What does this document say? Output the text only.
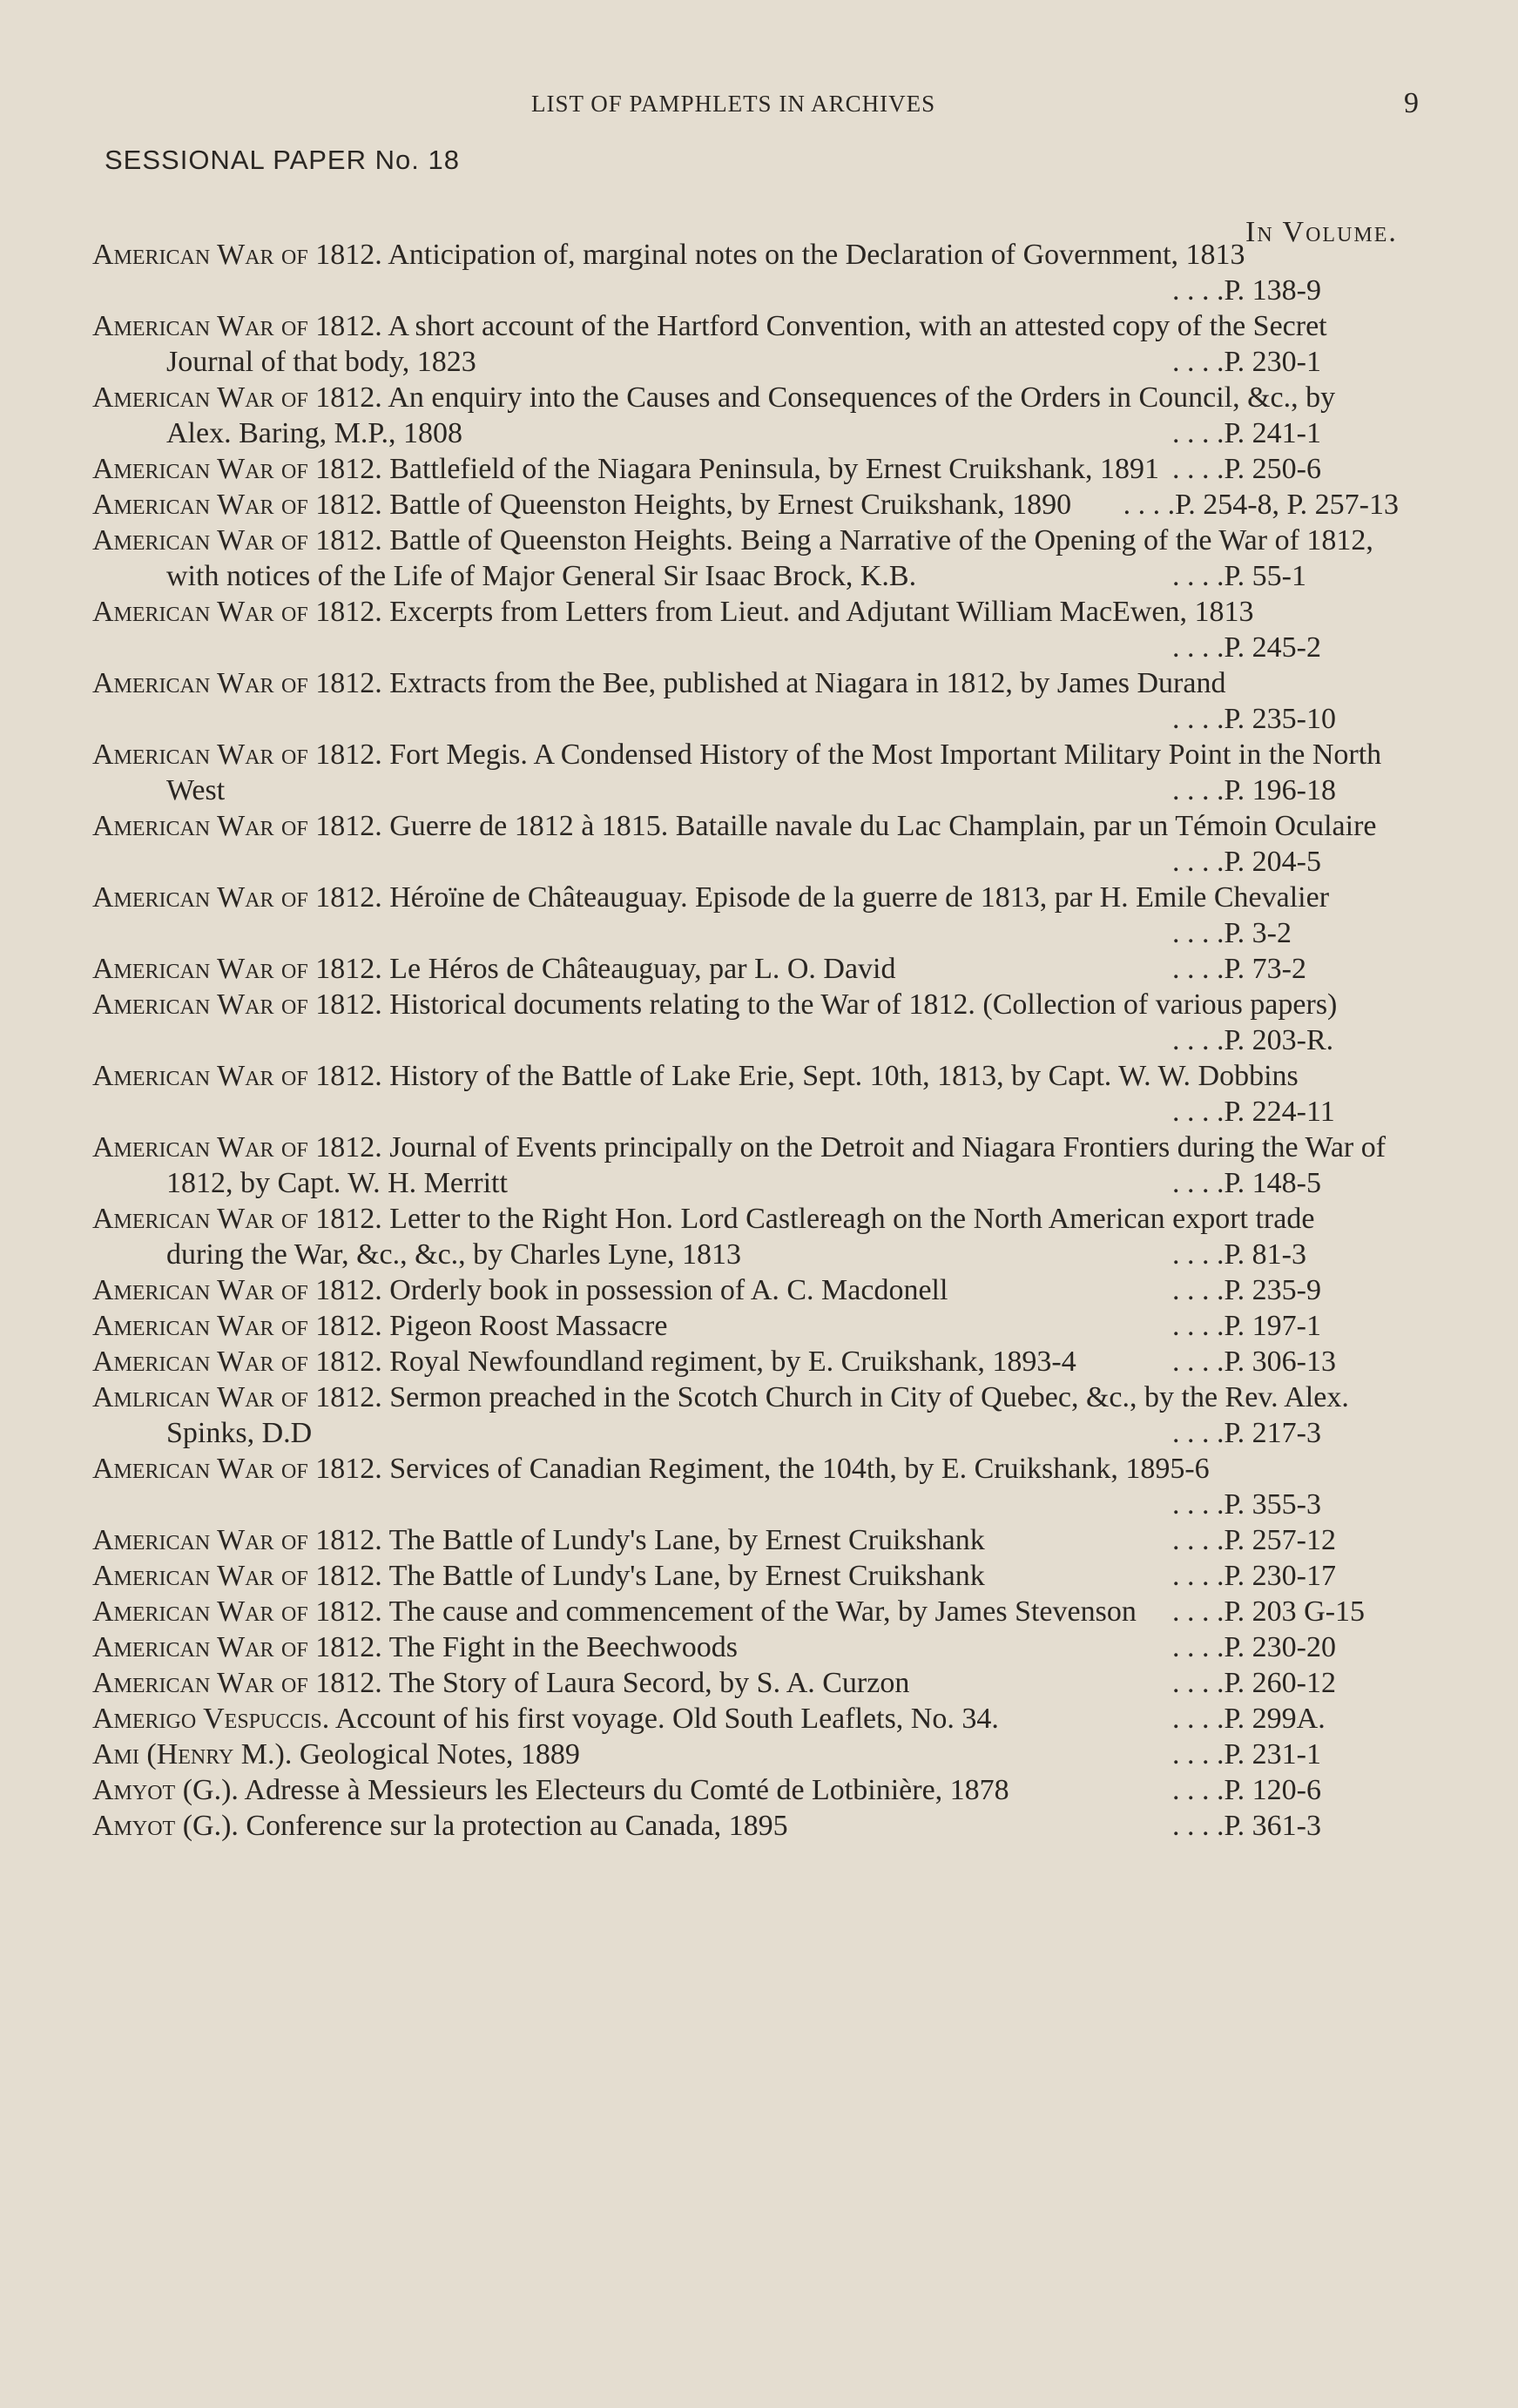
LIST OF PAMPHLETS IN ARCHIVES	9
SESSIONAL PAPER No. 18
In Volume.

American War of 1812. Anticipation of, marginal notes on the Declaration of Government, 1813
. . . . P. 138-9

American War of 1812. A short account of the Hartford Convention, with an attested copy of the Secret Journal of that body, 1823	. . . . P. 230-1

American War of 1812. An enquiry into the Causes and Consequences of the Orders in Council, &c., by Alex. Baring, M.P., 1808	. . . . P. 241-1

American War of 1812. Battlefield of the Niagara Peninsula, by Ernest Cruikshank, 1891 . . . . P. 250-6

American War of 1812. Battle of Queenston Heights, by Ernest Cruikshank, 1890 . . . . P. 254-8, P. 257-13

American War of 1812. Battle of Queenston Heights. Being a Narrative of the Opening of the War of 1812, with notices of the Life of Major General Sir Isaac Brock, K.B.	. . . . P. 55-1

American War of 1812. Excerpts from Letters from Lieut. and Adjutant William MacEwen, 1813
. . . . P. 245-2

American War of 1812. Extracts from the Bee, published at Niagara in 1812, by James Durand
. . . . P. 235-10

American War of 1812. Fort Megis. A Condensed History of the Most Important Military Point in the North West	. . . . P. 196-18

American War of 1812. Guerre de 1812 à 1815. Bataille navale du Lac Champlain, par un Témoin Oculaire
. . . . P. 204-5

American War of 1812. Héroïne de Châteauguay. Episode de la guerre de 1813, par H. Emile Chevalier
. . . . P. 3-2

American War of 1812. Le Héros de Châteauguay, par L. O. David	. . . . P. 73-2

American War of 1812. Historical documents relating to the War of 1812. (Collection of various papers)
. . . . P. 203-R.

American War of 1812. History of the Battle of Lake Erie, Sept. 10th, 1813, by Capt. W. W. Dobbins
. . . . P. 224-11

American War of 1812. Journal of Events principally on the Detroit and Niagara Frontiers during the War of 1812, by Capt. W. H. Merritt	. . . . P. 148-5

American War of 1812. Letter to the Right Hon. Lord Castlereagh on the North American export trade during the War, &c., &c., by Charles Lyne, 1813	. . . . P. 81-3

American War of 1812. Orderly book in possession of A. C. Macdonell	. . . . P. 235-9

American War of 1812. Pigeon Roost Massacre	. . . . P. 197-1

American War of 1812. Royal Newfoundland regiment, by E. Cruikshank, 1893-4	. . . . P. 306-13

Amlrican War of 1812. Sermon preached in the Scotch Church in City of Quebec, &c., by the Rev. Alex. Spinks, D.D	. . . . P. 217-3

American War of 1812. Services of Canadian Regiment, the 104th, by E. Cruikshank, 1895-6
. . . . P. 355-3

American War of 1812. The Battle of Lundy's Lane, by Ernest Cruikshank	. . . . P. 257-12

American War of 1812. The Battle of Lundy's Lane, by Ernest Cruikshank	. . . . P. 230-17

American War of 1812. The cause and commencement of the War, by James Stevenson . . . . P. 203 G-15

American War of 1812. The Fight in the Beechwoods	. . . . P. 230-20

American War of 1812. The Story of Laura Secord, by S. A. Curzon	. . . . P. 260-12

Amerigo Vespuccis. Account of his first voyage. Old South Leaflets, No. 34.	. . . . P. 299A.

Ami (Henry M.). Geological Notes, 1889	. . . . P. 231-1

Amyot (G.). Adresse à Messieurs les Electeurs du Comté de Lotbinière, 1878	. . . . P. 120-6

Amyot (G.). Conference sur la protection au Canada, 1895	. . . . P. 361-3
